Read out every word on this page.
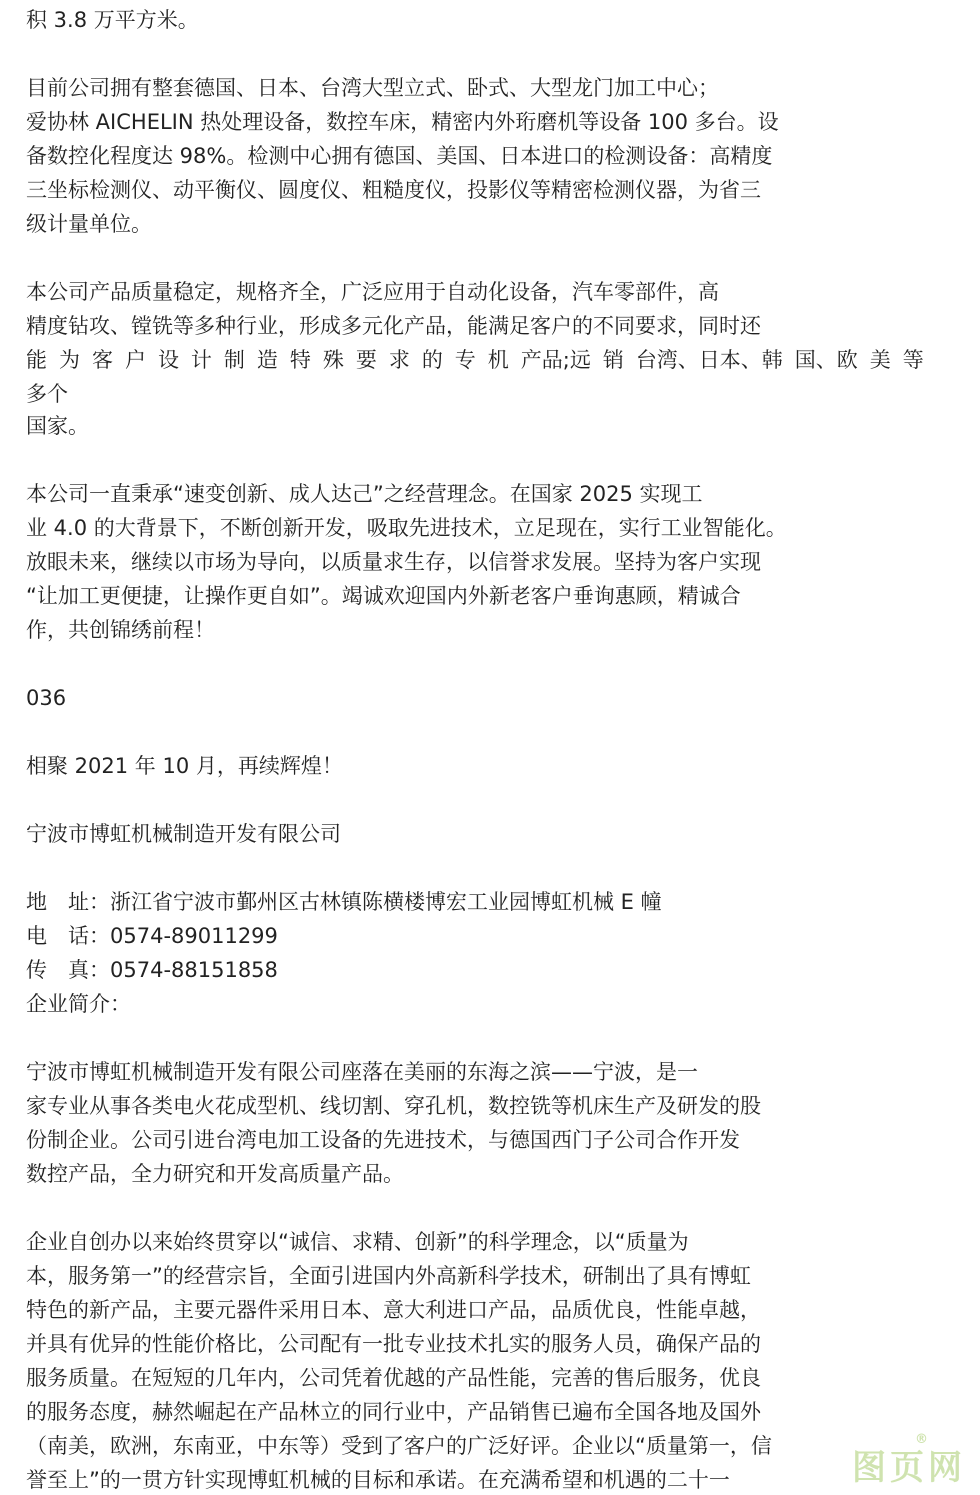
积 3.8 万平方米。
目前公司拥有整套德国、日本、台湾大型立式、卧式、大型龙门加工中心；
爱协林 AICHELIN 热处理设备，数控车床，精密内外珩磨机等设备 100 多台。设
备数控化程度达 98%。检测中心拥有德国、美国、日本进口的检测设备：高精度
三坐标检测仪、动平衡仪、圆度仪、粗糙度仪，投影仪等精密检测仪器，为省三
级计量单位。
本公司产品质量稳定，规格齐全，广泛应用于自动化设备，汽车零部件，高
精度钻攻、镗铣等多种行业，形成多元化产品，能满足客户的不同要求，同时还
能 为 客 户 设 计 制 造 特 殊 要 求 的 专 机 产品;远 销 台湾、日本、韩 国、欧 美 等
多个
国家。
本公司一直秉承“速变创新、成人达己”之经营理念。在国家 2025 实现工
业 4.0 的大背景下，不断创新开发，吸取先进技术，立足现在，实行工业智能化。
放眼未来，继续以市场为导向，以质量求生存，以信誉求发展。坚持为客户实现
“让加工更便捷，让操作更自如”。竭诚欢迎国内外新老客户垂询惠顾，精诚合
作，共创锦绣前程！
036
相聚 2021 年 10 月，再续辉煌！
宁波市博虹机械制造开发有限公司
地　址：浙江省宁波市鄞州区古林镇陈横楼博宏工业园博虹机械 E 幢
电　话：0574-89011299
传　真：0574-88151858
企业简介：
宁波市博虹机械制造开发有限公司座落在美丽的东海之滨——宁波，是一
家专业从事各类电火花成型机、线切割、穿孔机，数控铣等机床生产及研发的股
份制企业。公司引进台湾电加工设备的先进技术，与德国西门子公司合作开发
数控产品，全力研究和开发高质量产品。
企业自创办以来始终贯穿以“诚信、求精、创新”的科学理念，以“质量为
本，服务第一”的经营宗旨，全面引进国内外高新科学技术，研制出了具有博虹
特色的新产品，主要元器件采用日本、意大利进口产品，品质优良，性能卓越，
并具有优异的性能价格比，公司配有一批专业技术扎实的服务人员，确保产品的
服务质量。在短短的几年内，公司凭着优越的产品性能，完善的售后服务，优良
的服务态度，赫然崛起在产品林立的同行业中，产品销售已遍布全国各地及国外
（南美，欧洲，东南亚，中东等）受到了客户的广泛好评。企业以“质量第一，信
誉至上”的一贯方针实现博虹机械的目标和承诺。在充满希望和机遇的二十一	图页网
®
